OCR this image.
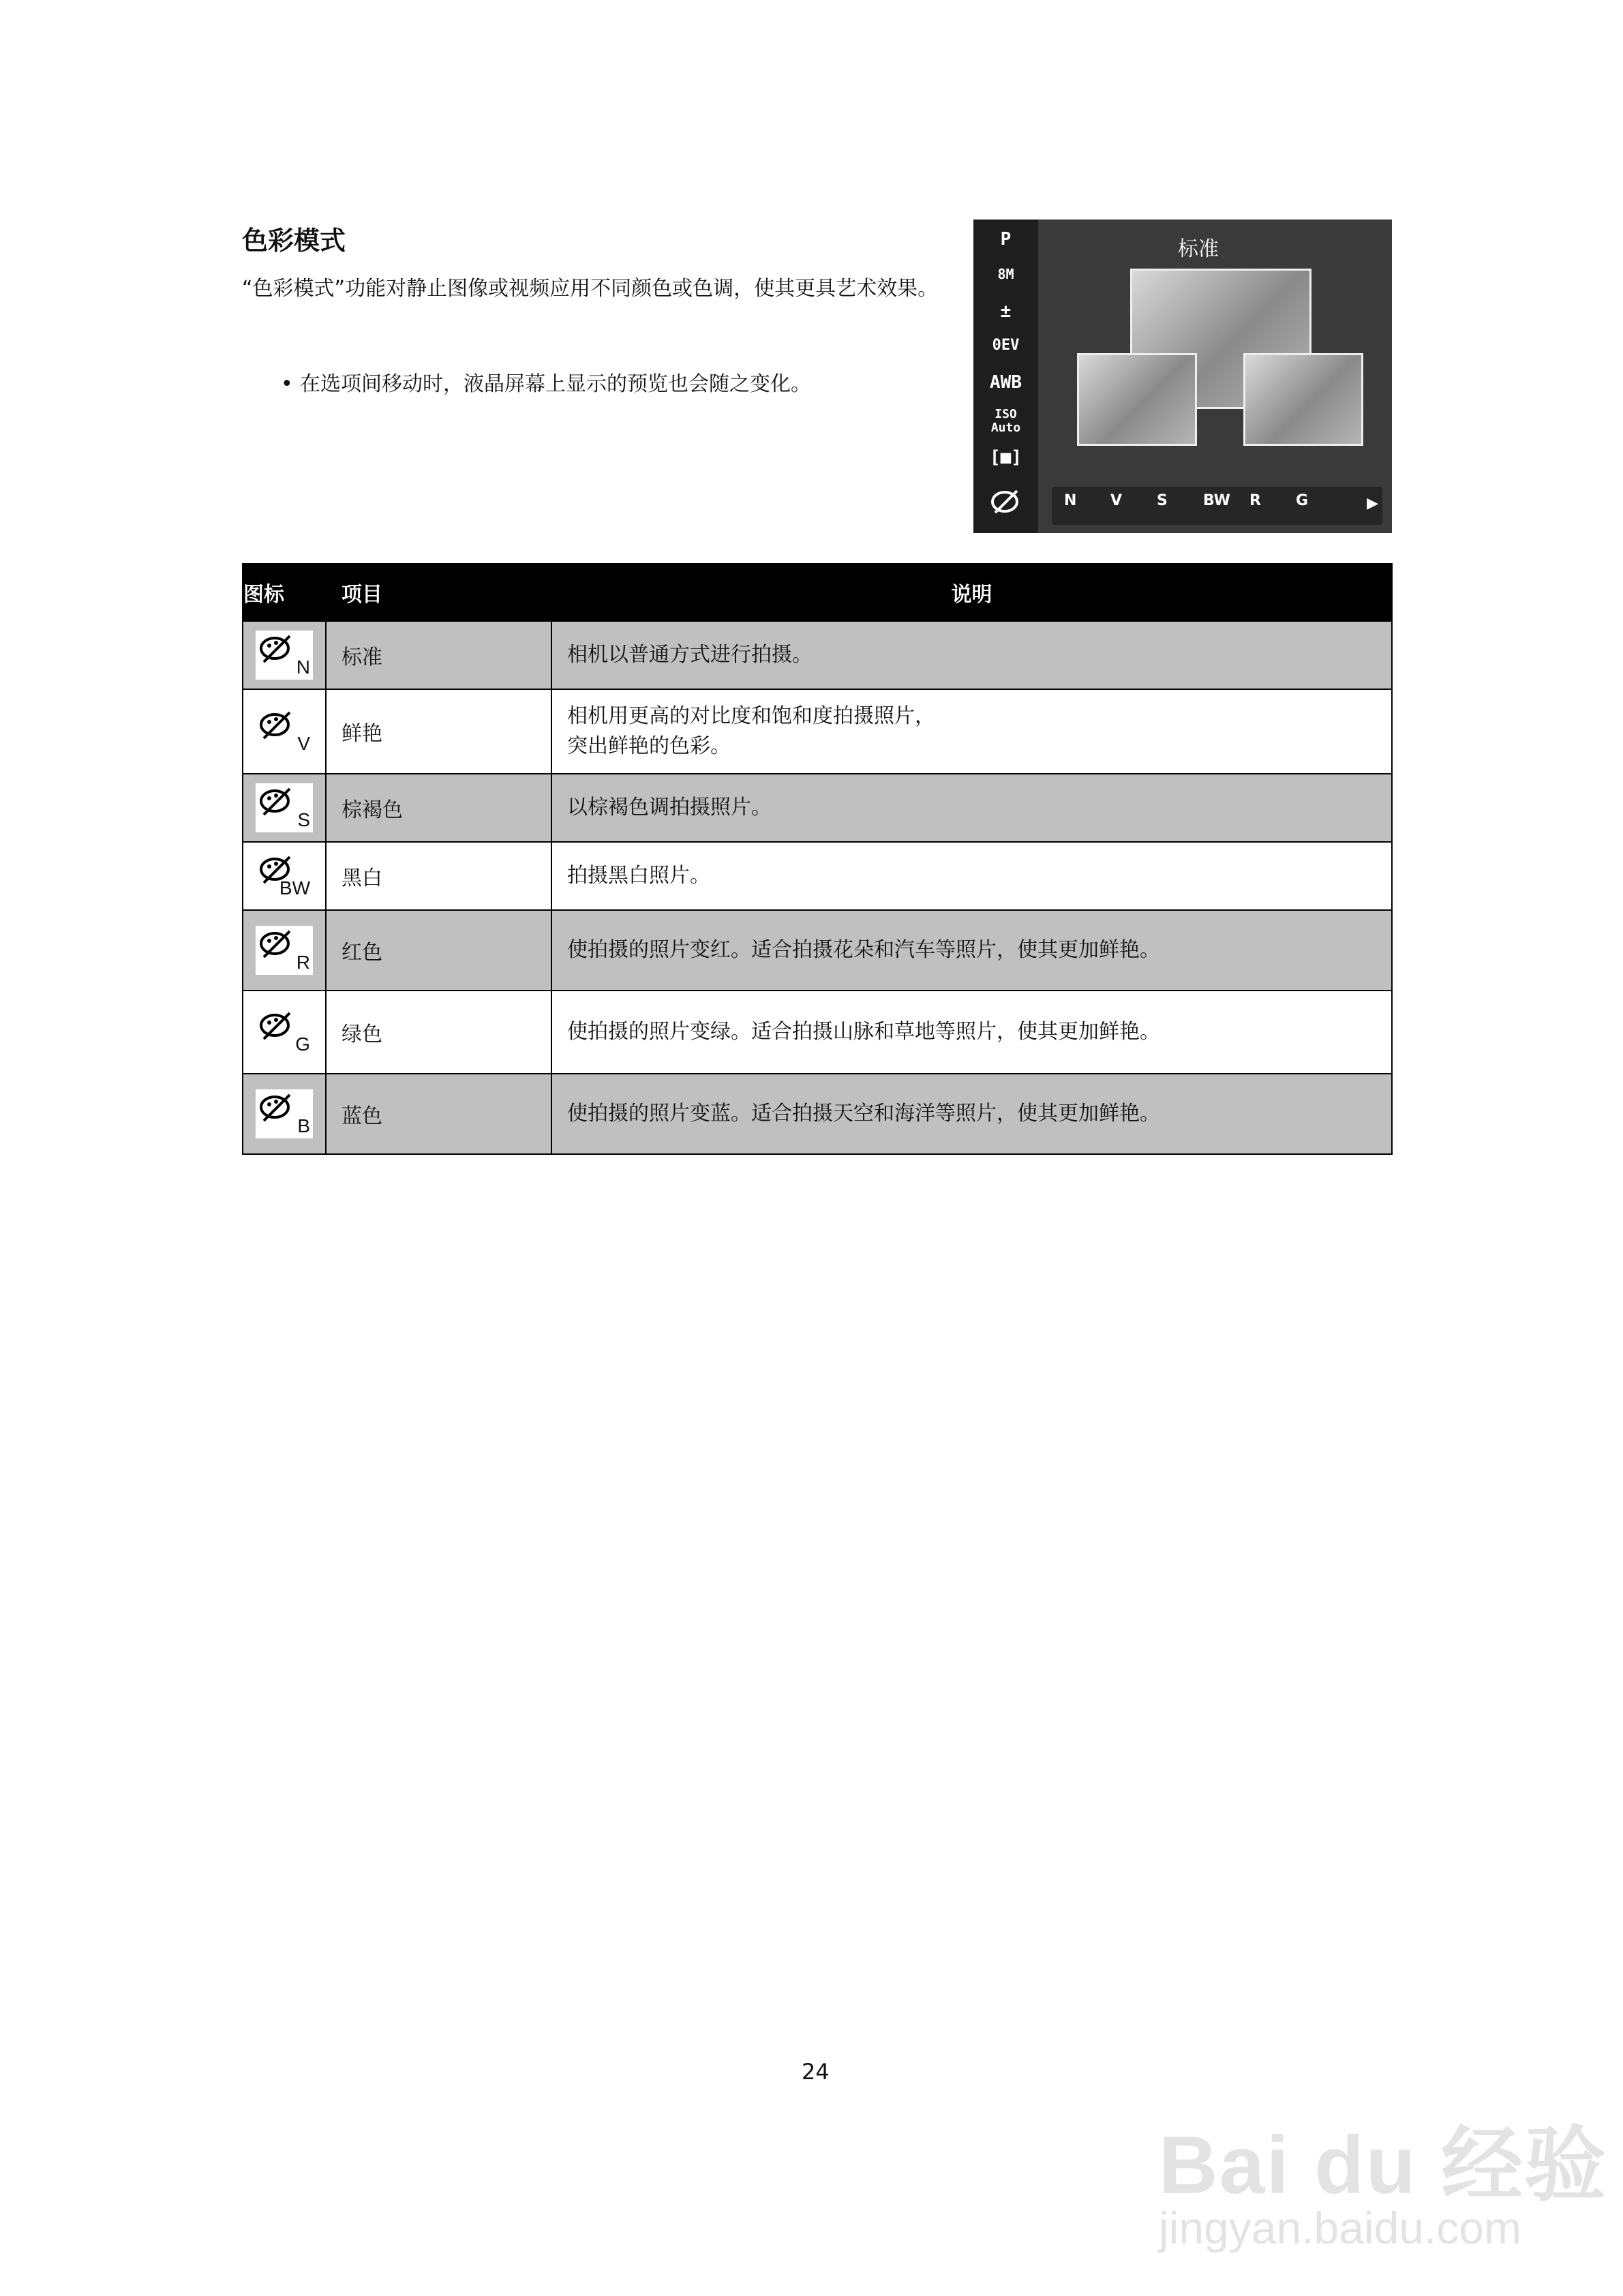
色彩模式

“色彩模式”功能对静止图像或视频应用不同颜色或色调，使其更具艺术效果。

• 在选项间移动时，液晶屏幕上显示的预览也会随之变化。

P
8M
±
0EV
AWB
ISO Auto
[■]
标准
N	V	S	BW	R	G	▶
图标	项目	说明

N	标准	相机以普通方式进行拍摄。

V	鲜艳	相机用更高的对比度和饱和度拍摄照片，
突出鲜艳的色彩。

S	棕褐色	以棕褐色调拍摄照片。

BW	黑白	拍摄黑白照片。

R	红色	使拍摄的照片变红。适合拍摄花朵和汽车等照片，使其更加鲜艳。

G	绿色	使拍摄的照片变绿。适合拍摄山脉和草地等照片，使其更加鲜艳。

B	蓝色	使拍摄的照片变蓝。适合拍摄天空和海洋等照片，使其更加鲜艳。
24
Bai du 经验
jingyan.baidu.com
